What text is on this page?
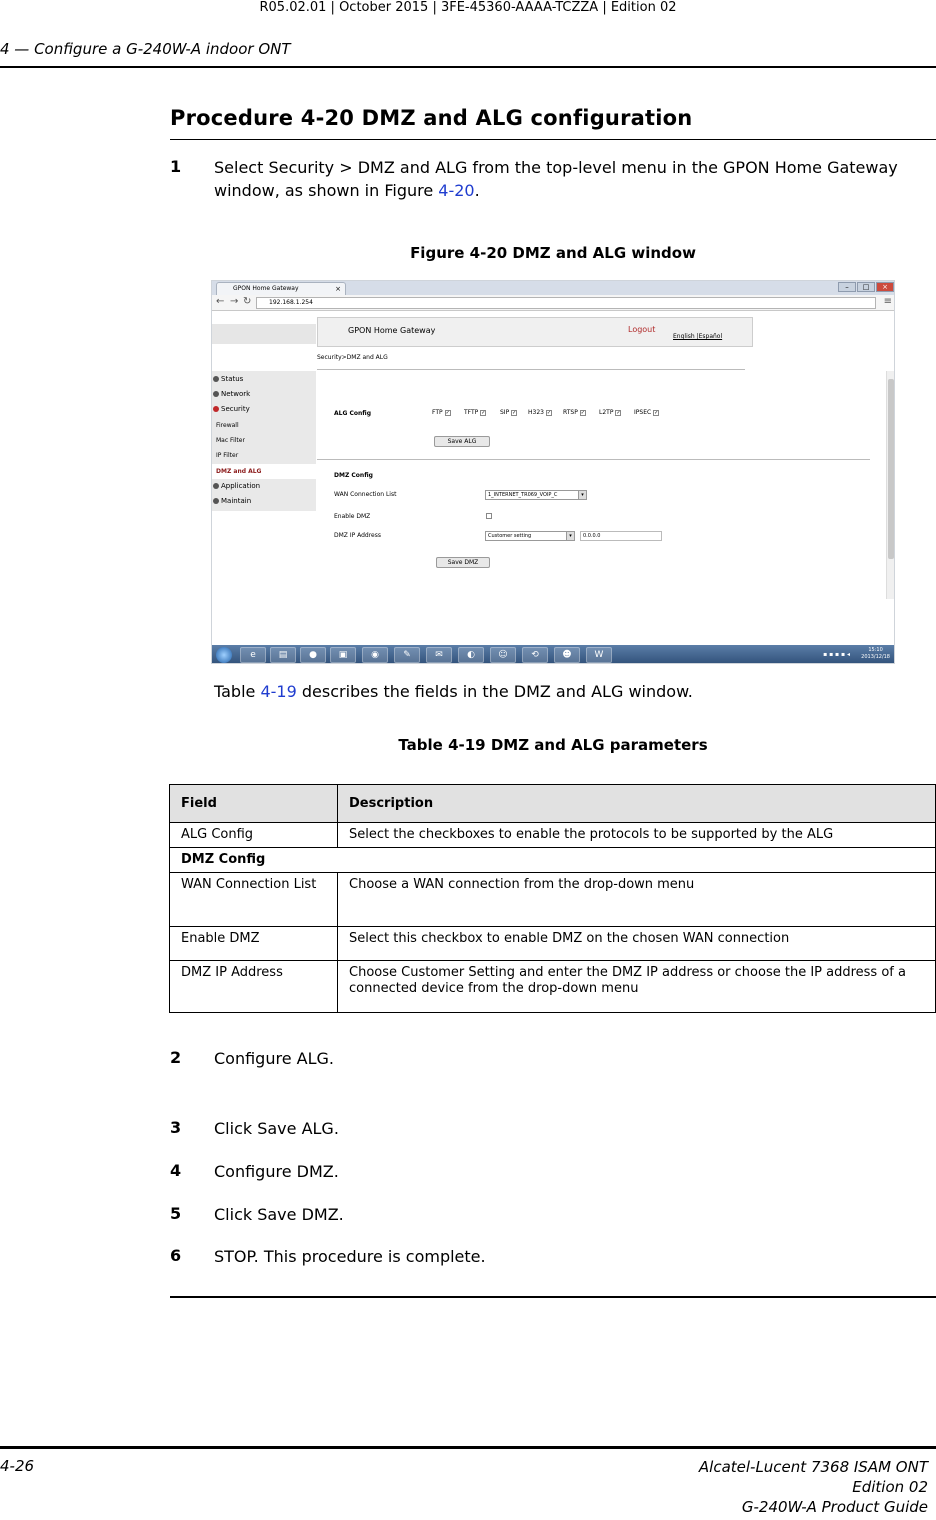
R05.02.01 | October 2015 | 3FE-45360-AAAA-TCZZA | Edition 02
4 — Configure a G-240W-A indoor ONT
Procedure 4-20 DMZ and ALG configuration
1 Select Security > DMZ and ALG from the top-level menu in the GPON Home Gateway window, as shown in Figure 4-20.
Figure 4-20 DMZ and ALG window
GPON Home Gateway	×	–	□	×
← → ↻	192.168.1.254	≡
GPON Home Gateway	Logout
English |Español
Security>DMZ and ALG
Status
Network
Security
Firewall
Mac Filter
IP Filter
DMZ and ALG
Application
Maintain
ALG Config	FTP ✓ TFTP ✓ SIP ✓ H323 ✓ RTSP ✓ L2TP ✓ IPSEC ✓
Save ALG
DMZ Config
WAN Connection List	1_INTERNET_TR069_VOIP_C	▾
Enable DMZ
DMZ IP Address	Customer setting	▾	0.0.0.0
Save DMZ
e	▤	●	▣	◉	✎	✉	◐	☺	⟲	☻	W	▪ ▪ ▪ ▪ ◂
15:10
2013/12/18
Table 4-19 describes the fields in the DMZ and ALG window.
Table 4-19 DMZ and ALG parameters
Field	Description
ALG Config	Select the checkboxes to enable the protocols to be supported by the ALG
DMZ Config	
WAN Connection List	Choose a WAN connection from the drop-down menu
Enable DMZ	Select this checkbox to enable DMZ on the chosen WAN connection
DMZ IP Address	Choose Customer Setting and enter the DMZ IP address or choose the IP address of a connected device from the drop-down menu
2 Configure ALG.
3 Click Save ALG.
4 Configure DMZ.
5 Click Save DMZ.
6 STOP. This procedure is complete.
4-26	Alcatel-Lucent 7368 ISAM ONT
Edition 02
G-240W-A Product Guide
